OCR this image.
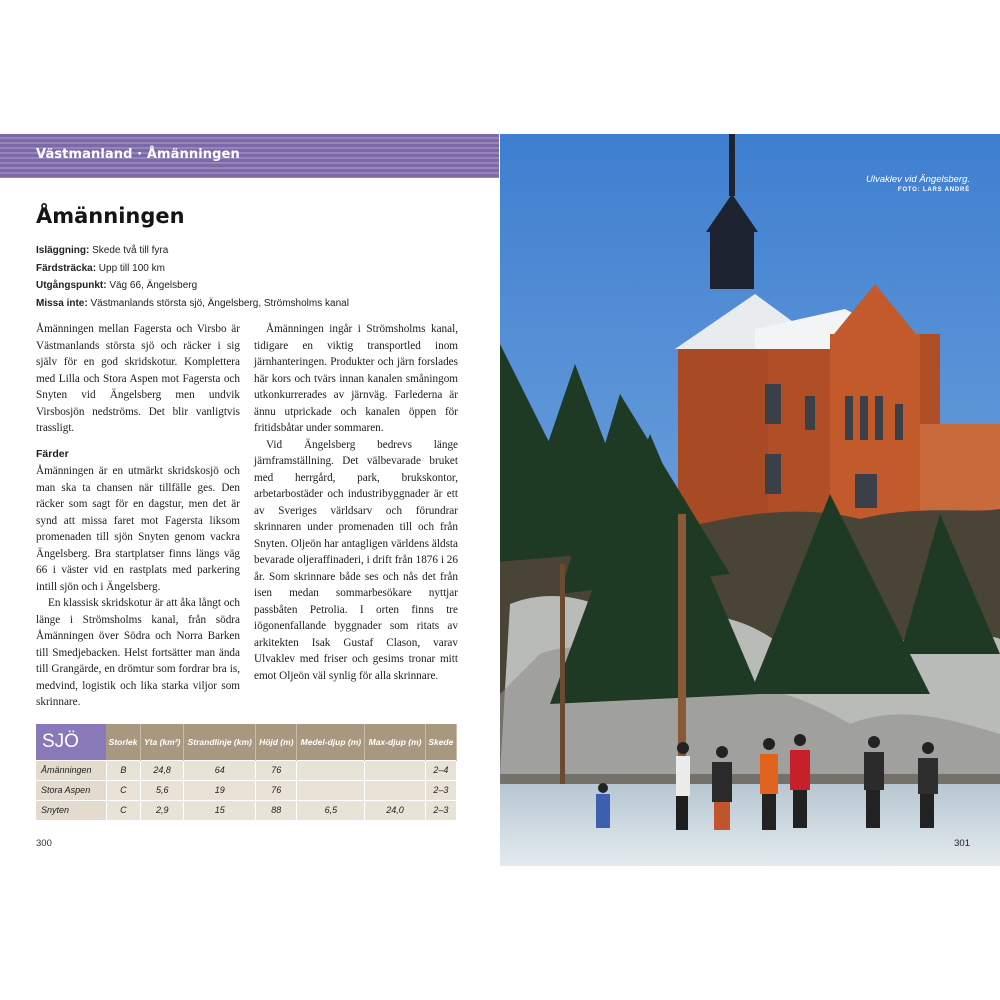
Västmanland · Åmänningen
Åmänningen
Isläggning: Skede två till fyra
Färdsträcka: Upp till 100 km
Utgångspunkt: Väg 66, Ängelsberg
Missa inte: Västmanlands största sjö, Ängelsberg, Strömsholms kanal

Åmänningen mellan Fagersta och Virsbo är Västmanlands största sjö och räcker i sig själv för en god skridskotur. Komplettera med Lilla och Stora Aspen mot Fagersta och Snyten vid Ängelsberg men undvik Virsbosjön nedströms. Det blir vanligtvis trassligt.

Färder

Åmänningen är en utmärkt skridskosjö och man ska ta chansen när tillfälle ges. Den räcker som sagt för en dagstur, men det är synd att missa faret mot Fagersta liksom promenaden till sjön Snyten genom vackra Ängelsberg. Bra startplatser finns längs väg 66 i väster vid en rastplats med parkering intill sjön och i Ängelsberg.

En klassisk skridskotur är att åka långt och länge i Strömsholms kanal, från södra Åmänningen över Södra och Norra Barken till Smedjebacken. Helst fortsätter man ända till Grangärde, en drömtur som fordrar bra is, medvind, logistik och lika starka viljor som skrinnare.

Åmänningen ingår i Strömsholms kanal, tidigare en viktig transportled inom järnhanteringen. Produkter och järn forslades här kors och tvärs innan kanalen småningom utkonkurrerades av järnväg. Farlederna är ännu utprickade och kanalen öppen för fritidsbåtar under sommaren.

Vid Ängelsberg bedrevs länge järnframställning. Det välbevarade bruket med herrgård, park, brukskontor, arbetarbostäder och industribyggnader är ett av Sveriges världsarv och förundrar skrinnaren under promenaden till och från Snyten. Oljeön har antagligen världens äldsta bevarade oljeraffinaderi, i drift från 1876 i 26 år. Som skrinnare både ses och nås det från isen medan sommarbesökare nyttjar passbåten Petrolia. I orten finns tre iögonenfallande byggnader som ritats av arkitekten Isak Gustaf Clason, varav Ulvaklev med friser och gesims tronar mitt emot Oljeön väl synlig för alla skrinnare.

SJÖ	Storlek	Yta (km²)	Strandlinje (km)	Höjd (m)	Medel-djup (m)	Max-djup (m)	Skede
Åmänningen	B	24,8	64	76			2–4
Stora Aspen	C	5,6	19	76			2–3
Snyten	C	2,9	15	88	6,5	24,0	2–3
300
Ulvaklev vid Ängelsberg.
FOTO: LARS ANDRÉ
301
